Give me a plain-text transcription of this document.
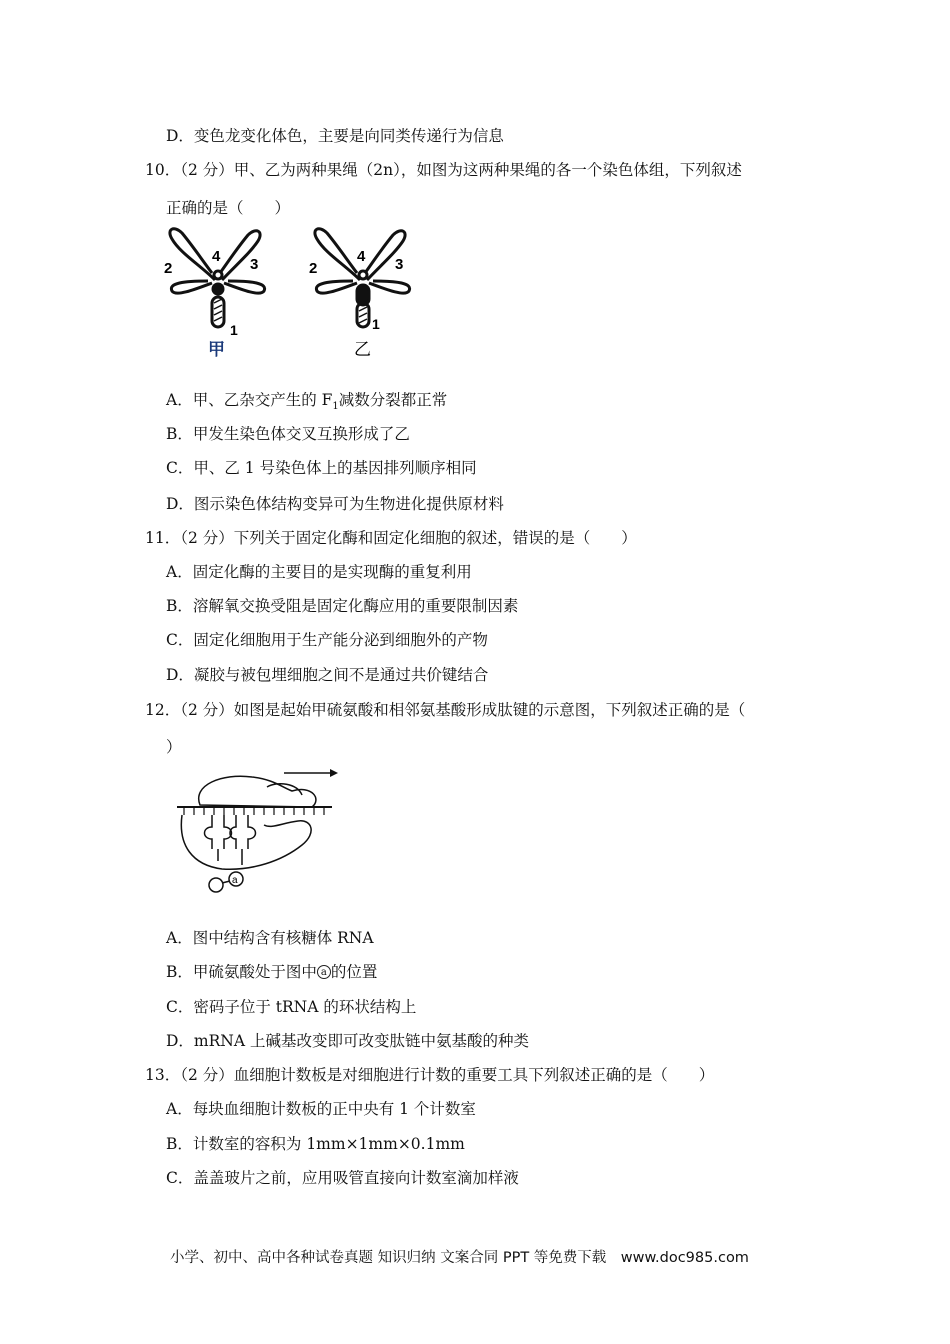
D．变色龙变化体色，主要是向同类传递行为信息
10．（2 分）甲、乙为两种果绳（2n），如图为这两种果绳的各一个染色体组，下列叙述
正确的是（　　）
2
4 3
1
甲
2
4 3
1
乙
A．甲、乙杂交产生的 $F_1$减数分裂都正常
B．甲发生染色体交叉互换形成了乙
C．甲、乙 1 号染色体上的基因排列顺序相同
D．图示染色体结构变异可为生物进化提供原材料
11．（2 分）下列关于固定化酶和固定化细胞的叙述，错误的是（　　）
A．固定化酶的主要目的是实现酶的重复利用
B．溶解氧交换受阻是固定化酶应用的重要限制因素
C．固定化细胞用于生产能分泌到细胞外的产物
D．凝胶与被包埋细胞之间不是通过共价键结合
12．（2 分）如图是起始甲硫氨酸和相邻氨基酸形成肽键的示意图，下列叙述正确的是（
）
a
A．图中结构含有核糖体 RNA
B．甲硫氨酸处于图中 a 的位置
C．密码子位于 tRNA 的环状结构上
D．mRNA 上碱基改变即可改变肽链中氨基酸的种类
13．（2 分）血细胞计数板是对细胞进行计数的重要工具下列叙述正确的是（　　）
A．每块血细胞计数板的正中央有 1 个计数室
B．计数室的容积为 1mm×1mm×0.1mm
C．盖盖玻片之前，应用吸管直接向计数室滴加样液
小学、初中、高中各种试卷真题 知识归纳 文案合同 PPT 等免费下载　www.doc985.com
